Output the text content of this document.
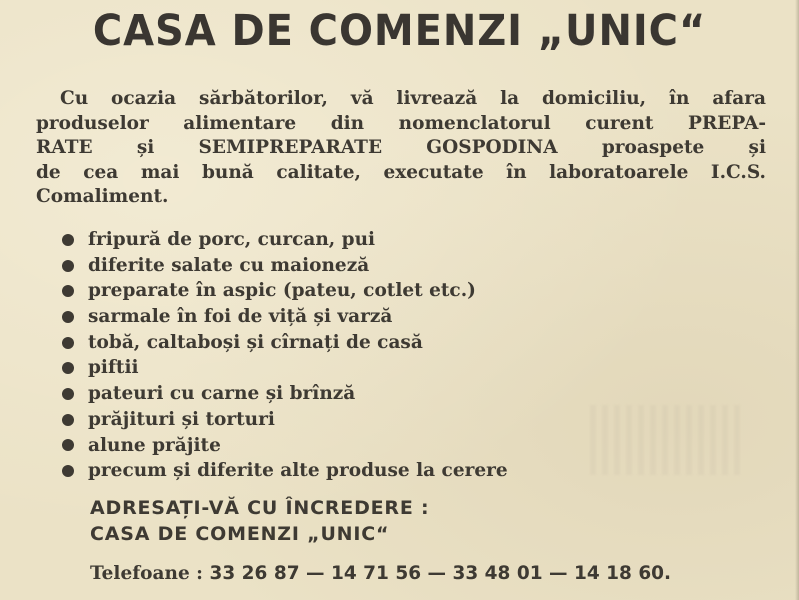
CASA DE COMENZI „UNIC“
Cu ocazia sărbătorilor, vă livrează la domiciliu, în afara
produselor alimentare din nomenclatorul curent PREPA-
RATE și SEMIPREPARATE GOSPODINA proaspete și
de cea mai bună calitate, executate în laboratoarele I.C.S.
Comaliment.
fripură de porc, curcan, pui
diferite salate cu maioneză
preparate în aspic (pateu, cotlet etc.)
sarmale în foi de viță și varză
tobă, caltaboși și cîrnați de casă
piftii
pateuri cu carne și brînză
prăjituri și torturi
alune prăjite
precum și diferite alte produse la cerere
ADRESAȚI-VĂ CU ÎNCREDERE :
CASA DE COMENZI „UNIC“
Telefoane : 33 26 87 — 14 71 56 — 33 48 01 — 14 18 60.
